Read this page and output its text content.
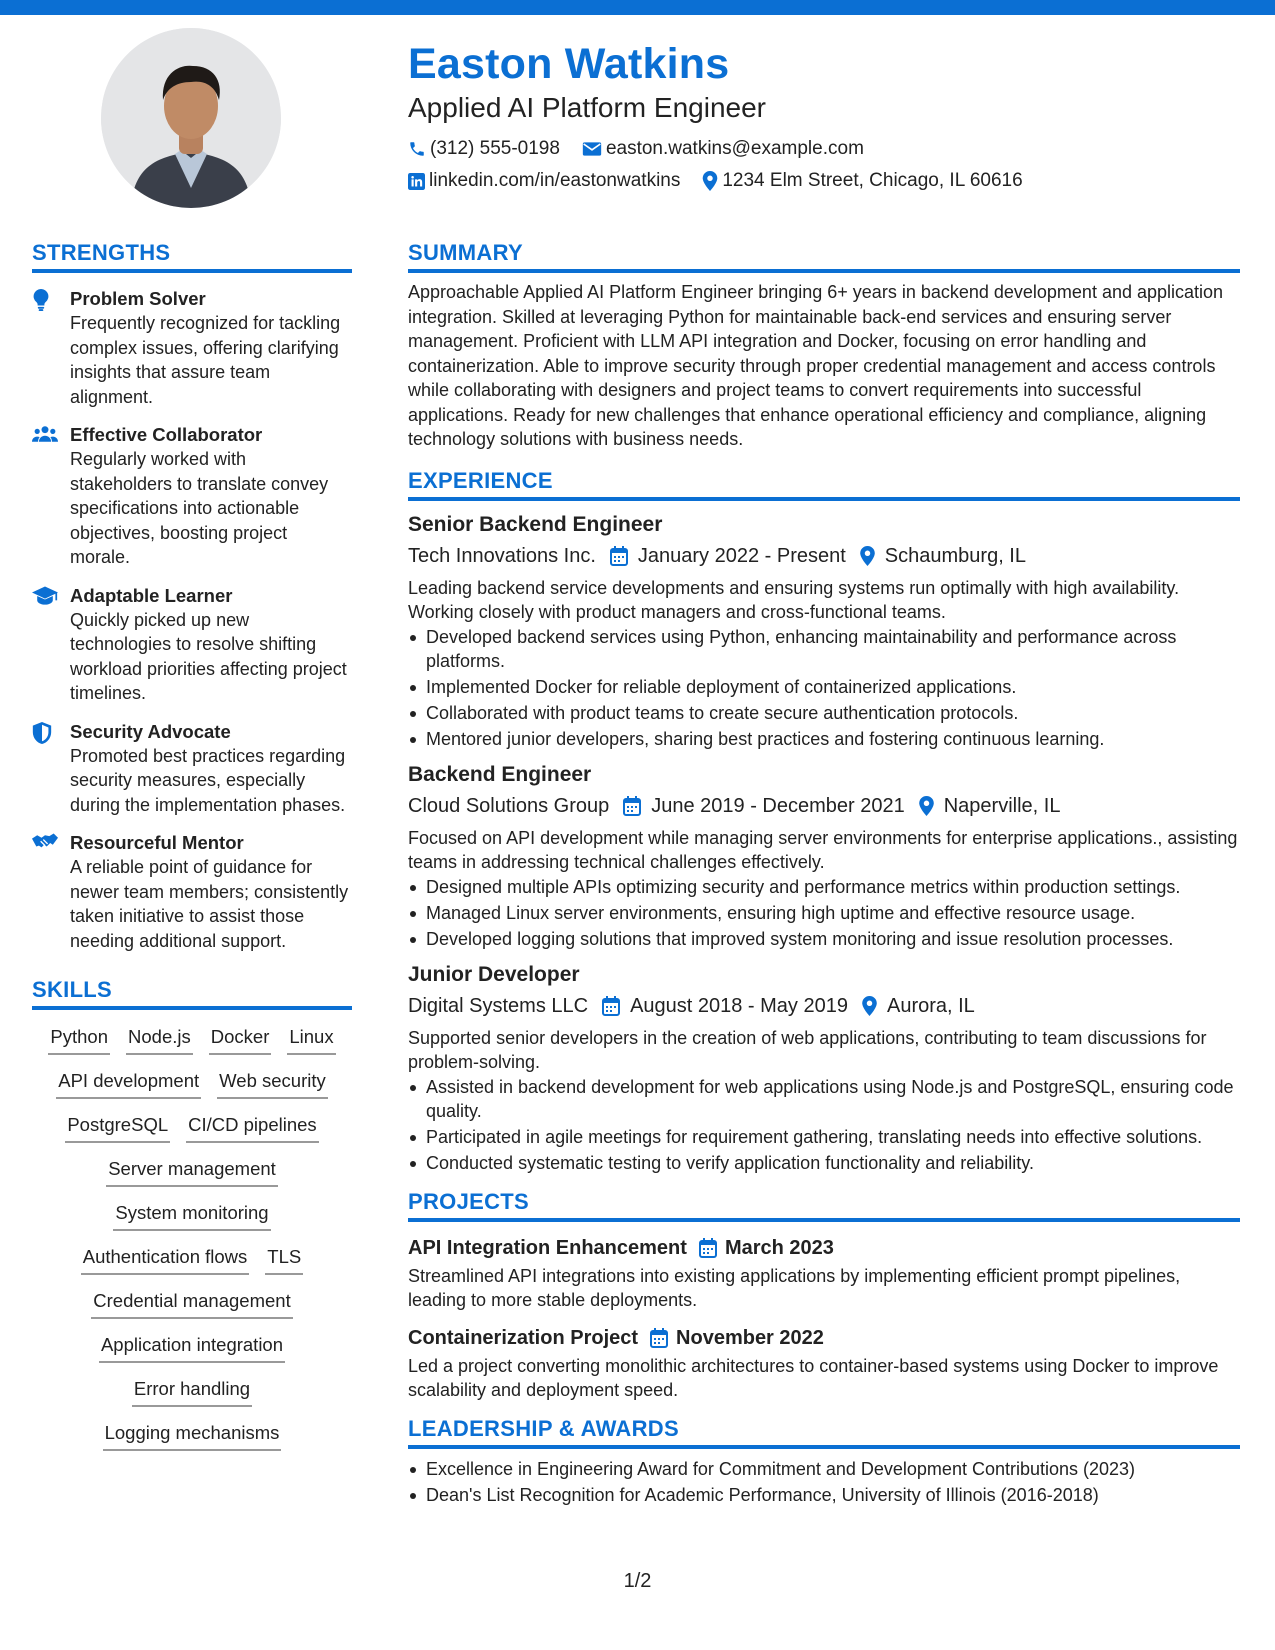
Easton Watkins
Applied AI Platform Engineer
(312) 555-0198 easton.watkins@example.com
linkedin.com/in/eastonwatkins 1234 Elm Street, Chicago, IL 60616
STRENGTHS
Problem Solver
Frequently recognized for tackling complex issues, offering clarifying insights that assure team alignment.
Effective Collaborator
Regularly worked with stakeholders to translate convey specifications into actionable objectives, boosting project morale.
Adaptable Learner
Quickly picked up new technologies to resolve shifting workload priorities affecting project timelines.
Security Advocate
Promoted best practices regarding security measures, especially during the implementation phases.
Resourceful Mentor
A reliable point of guidance for newer team members; consistently taken initiative to assist those needing additional support.
SKILLS
Python Node.js Docker Linux
API development Web security
PostgreSQL CI/CD pipelines
Server management
System monitoring
Authentication flows TLS
Credential management
Application integration
Error handling
Logging mechanisms
SUMMARY
Approachable Applied AI Platform Engineer bringing 6+ years in backend development and application integration. Skilled at leveraging Python for maintainable back-end services and ensuring server management. Proficient with LLM API integration and Docker, focusing on error handling and containerization. Able to improve security through proper credential management and access controls while collaborating with designers and project teams to convert requirements into successful applications. Ready for new challenges that enhance operational efficiency and compliance, aligning technology solutions with business needs.
EXPERIENCE
Senior Backend Engineer
Tech Innovations Inc. January 2022 - Present Schaumburg, IL
Leading backend service developments and ensuring systems run optimally with high availability. Working closely with product managers and cross-functional teams.
Developed backend services using Python, enhancing maintainability and performance across platforms.
Implemented Docker for reliable deployment of containerized applications.
Collaborated with product teams to create secure authentication protocols.
Mentored junior developers, sharing best practices and fostering continuous learning.
Backend Engineer
Cloud Solutions Group June 2019 - December 2021 Naperville, IL
Focused on API development while managing server environments for enterprise applications., assisting teams in addressing technical challenges effectively.
Designed multiple APIs optimizing security and performance metrics within production settings.
Managed Linux server environments, ensuring high uptime and effective resource usage.
Developed logging solutions that improved system monitoring and issue resolution processes.
Junior Developer
Digital Systems LLC August 2018 - May 2019 Aurora, IL
Supported senior developers in the creation of web applications, contributing to team discussions for problem-solving.
Assisted in backend development for web applications using Node.js and PostgreSQL, ensuring code quality.
Participated in agile meetings for requirement gathering, translating needs into effective solutions.
Conducted systematic testing to verify application functionality and reliability.
PROJECTS
API Integration Enhancement March 2023
Streamlined API integrations into existing applications by implementing efficient prompt pipelines, leading to more stable deployments.
Containerization Project November 2022
Led a project converting monolithic architectures to container-based systems using Docker to improve scalability and deployment speed.
LEADERSHIP & AWARDS
Excellence in Engineering Award for Commitment and Development Contributions (2023)
Dean's List Recognition for Academic Performance, University of Illinois (2016-2018)
1/2
